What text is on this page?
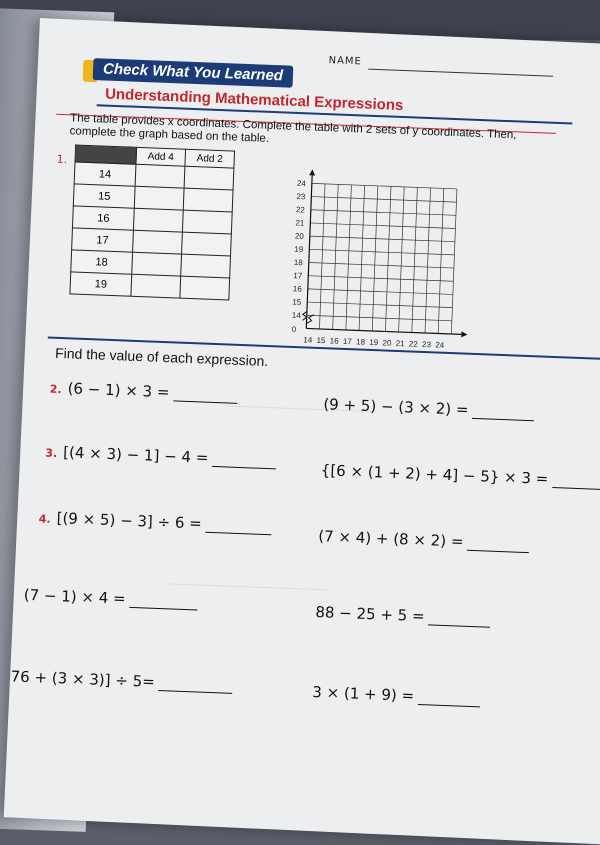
NAME
Check What You Learned
Understanding Mathematical Expressions
The table provides x coordinates. Complete the table with 2 sets of y coordinates. Then, complete the graph based on the table.
1.
		Add 4	Add 2
14		
15		
16		
17		
18		
19		
24
23
22
21
20
19
18
17
16
15
14
14 15 16 17 18 19 20 21 22 23 24
0
Find the value of each expression.
2. (6 − 1) × 3 =
(9 + 5) − (3 × 2) =
3. [(4 × 3) − 1] − 4 =
{[6 × (1 + 2) + 4] − 5} × 3 =
4. [(9 × 5) − 3] ÷ 6 =
(7 × 4) + (8 × 2) =
(7 − 1) × 4 =
88 − 25 + 5 =
76 + (3 × 3)] ÷ 5=
3 × (1 + 9) =
